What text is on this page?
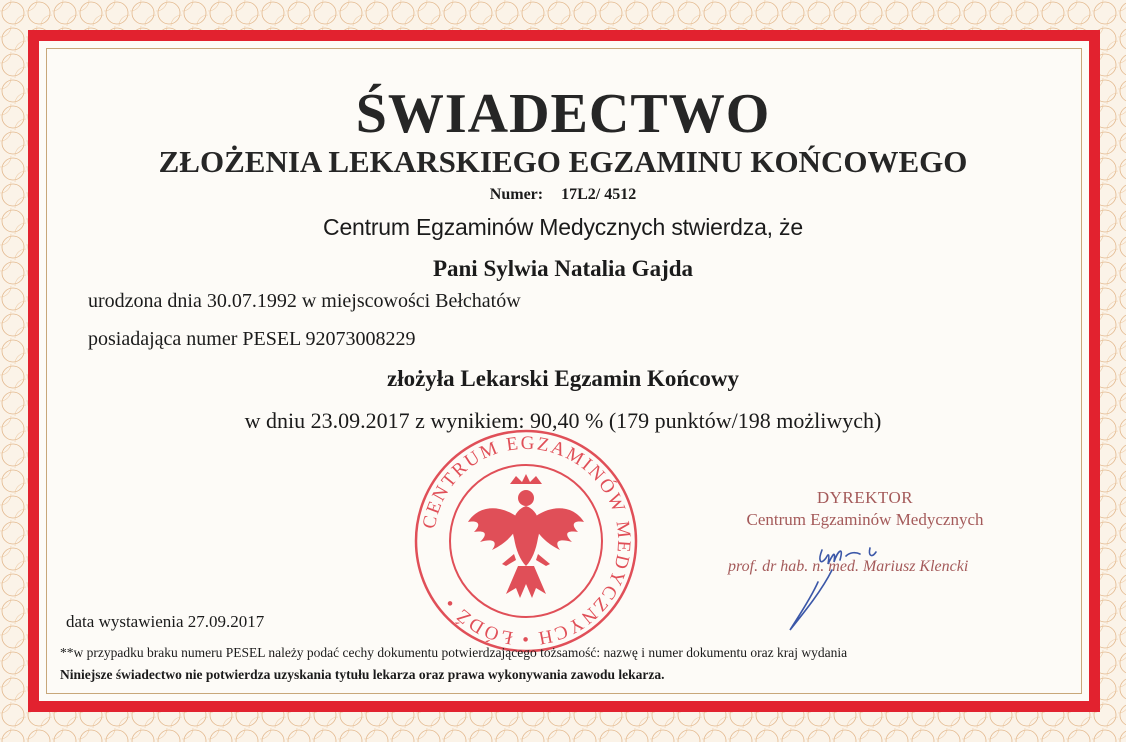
ŚWIADECTWO
ZŁOŻENIA LEKARSKIEGO EGZAMINU KOŃCOWEGO
Numer: 17L2/ 4512
Centrum Egzaminów Medycznych stwierdza, że
Pani Sylwia Natalia Gajda
urodzona dnia 30.07.1992 w miejscowości Bełchatów
posiadająca numer PESEL 92073008229
złożyła Lekarski Egzamin Końcowy
w dniu 23.09.2017 z wynikiem: 90,40 % (179 punktów/198 możliwych)
CENTRUM EGZAMINÓW MEDYCZNYCH • ŁÓDŹ •
DYREKTOR
Centrum Egzaminów Medycznych
prof. dr hab. n. med. Mariusz Klencki
data wystawienia 27.09.2017
**w przypadku braku numeru PESEL należy podać cechy dokumentu potwierdzającego tożsamość: nazwę i numer dokumentu oraz kraj wydania
Niniejsze świadectwo nie potwierdza uzyskania tytułu lekarza oraz prawa wykonywania zawodu lekarza.
